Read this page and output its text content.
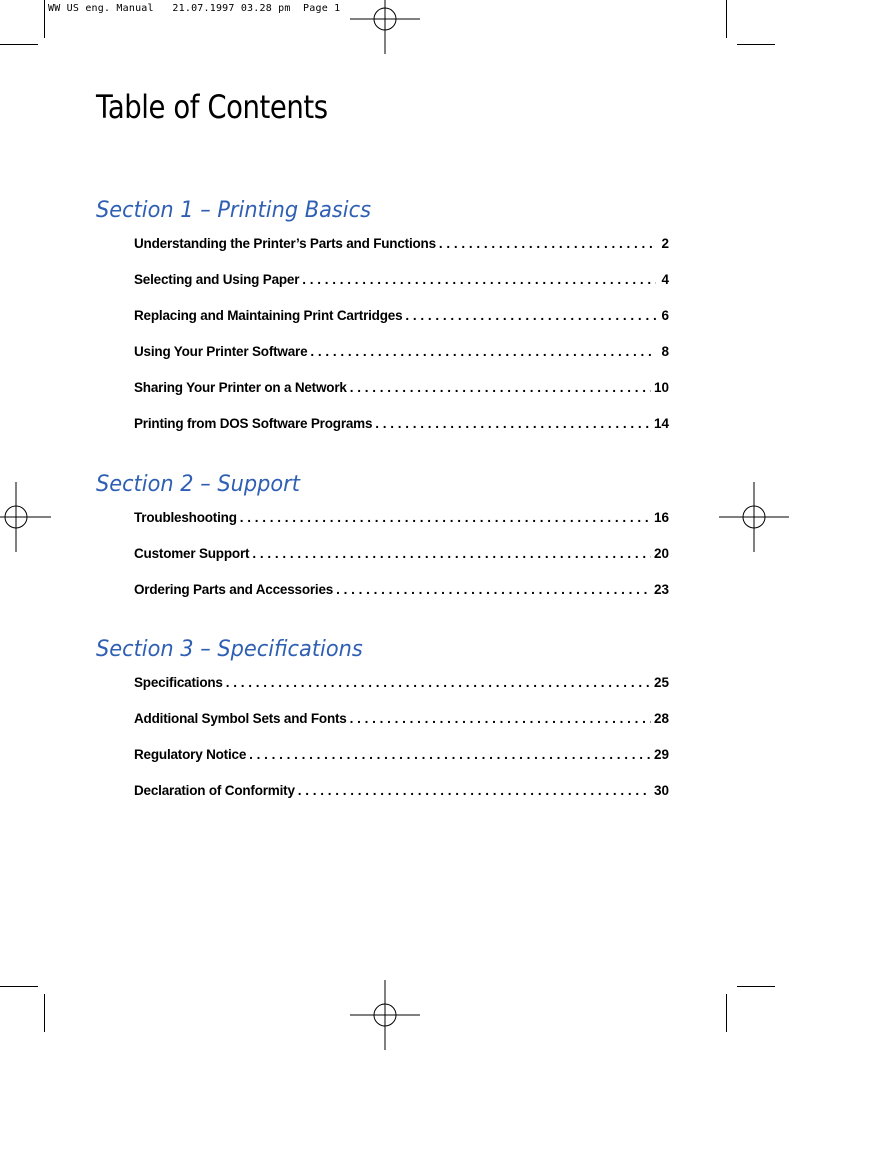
WW US eng. Manual   21.07.1997 03.28 pm  Page 1
Table of Contents
Section 1 – Printing Basics
Understanding the Printer’s Parts and Functions . . .	2
Selecting and Using Paper . . .	4
Replacing and Maintaining Print Cartridges . . .	6
Using Your Printer Software . . .	8
Sharing Your Printer on a Network . . .	10
Printing from DOS Software Programs . . .	14
Section 2 – Support
Troubleshooting . . .	16
Customer Support . . .	20
Ordering Parts and Accessories . . .	23
Section 3 – Specifications
Specifications . . .	25
Additional Symbol Sets and Fonts . . .	28
Regulatory Notice . . .	29
Declaration of Conformity . . .	30
